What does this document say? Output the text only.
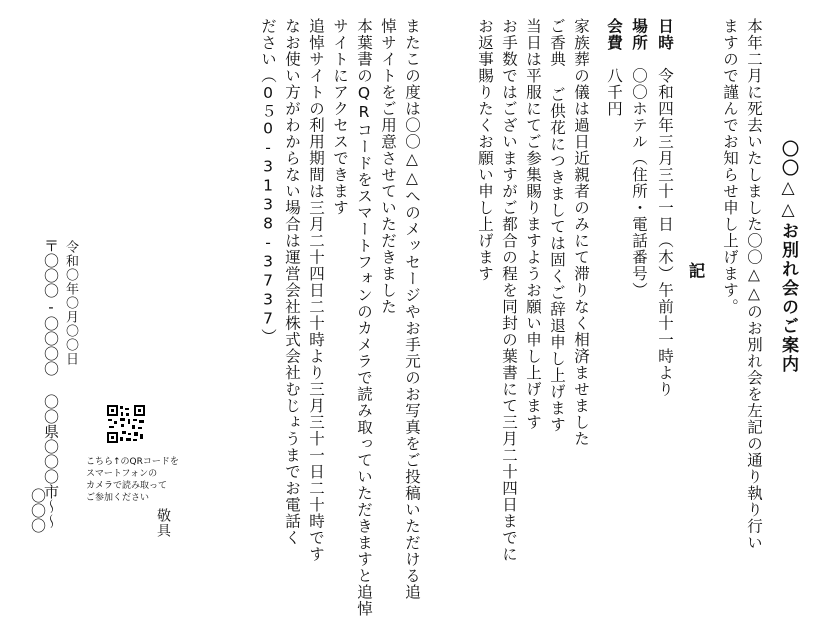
〇〇△△お別れ会のご案内
本年二月に死去いたしました〇〇△△のお別れ会を左記の通り執り行い
ますので謹んでお知らせ申し上げます。
記
日時　令和四年三月三十一日（木）午前十一時より
場所　〇〇ホテル（住所・電話番号）
会費　八千円
家族葬の儀は過日近親者のみにて滞りなく相済ませました
ご香典 ご供花につきましては固くご辞退申し上げます
当日は平服にてご参集賜りますようお願い申し上げます
お手数ではございますがご都合の程を同封の葉書にて三月二十四日までに
お返事賜りたくお願い申し上げます
またこの度は〇〇△△へのメッセージやお手元のお写真をご投稿いただける追
悼サイトをご用意させていただきました
本葉書のQRコードをスマートフォンのカメラで読み取っていただきますと追悼
サイトにアクセスできます
追悼サイトの利用期間は三月二十四日二十時より三月三十一日二十時です
なお使い方がわからない場合は運営会社株式会社むじょうまでお電話く
ださい（0５0-3138-3737）
敬具
こちら↑のQRコードを
スマートフォンの
カメラで読み取って
ご参加ください
令和〇年〇月〇〇日
〒〇〇〇-〇〇〇〇 〇〇県〇〇〇市〜〜
〇〇〇
